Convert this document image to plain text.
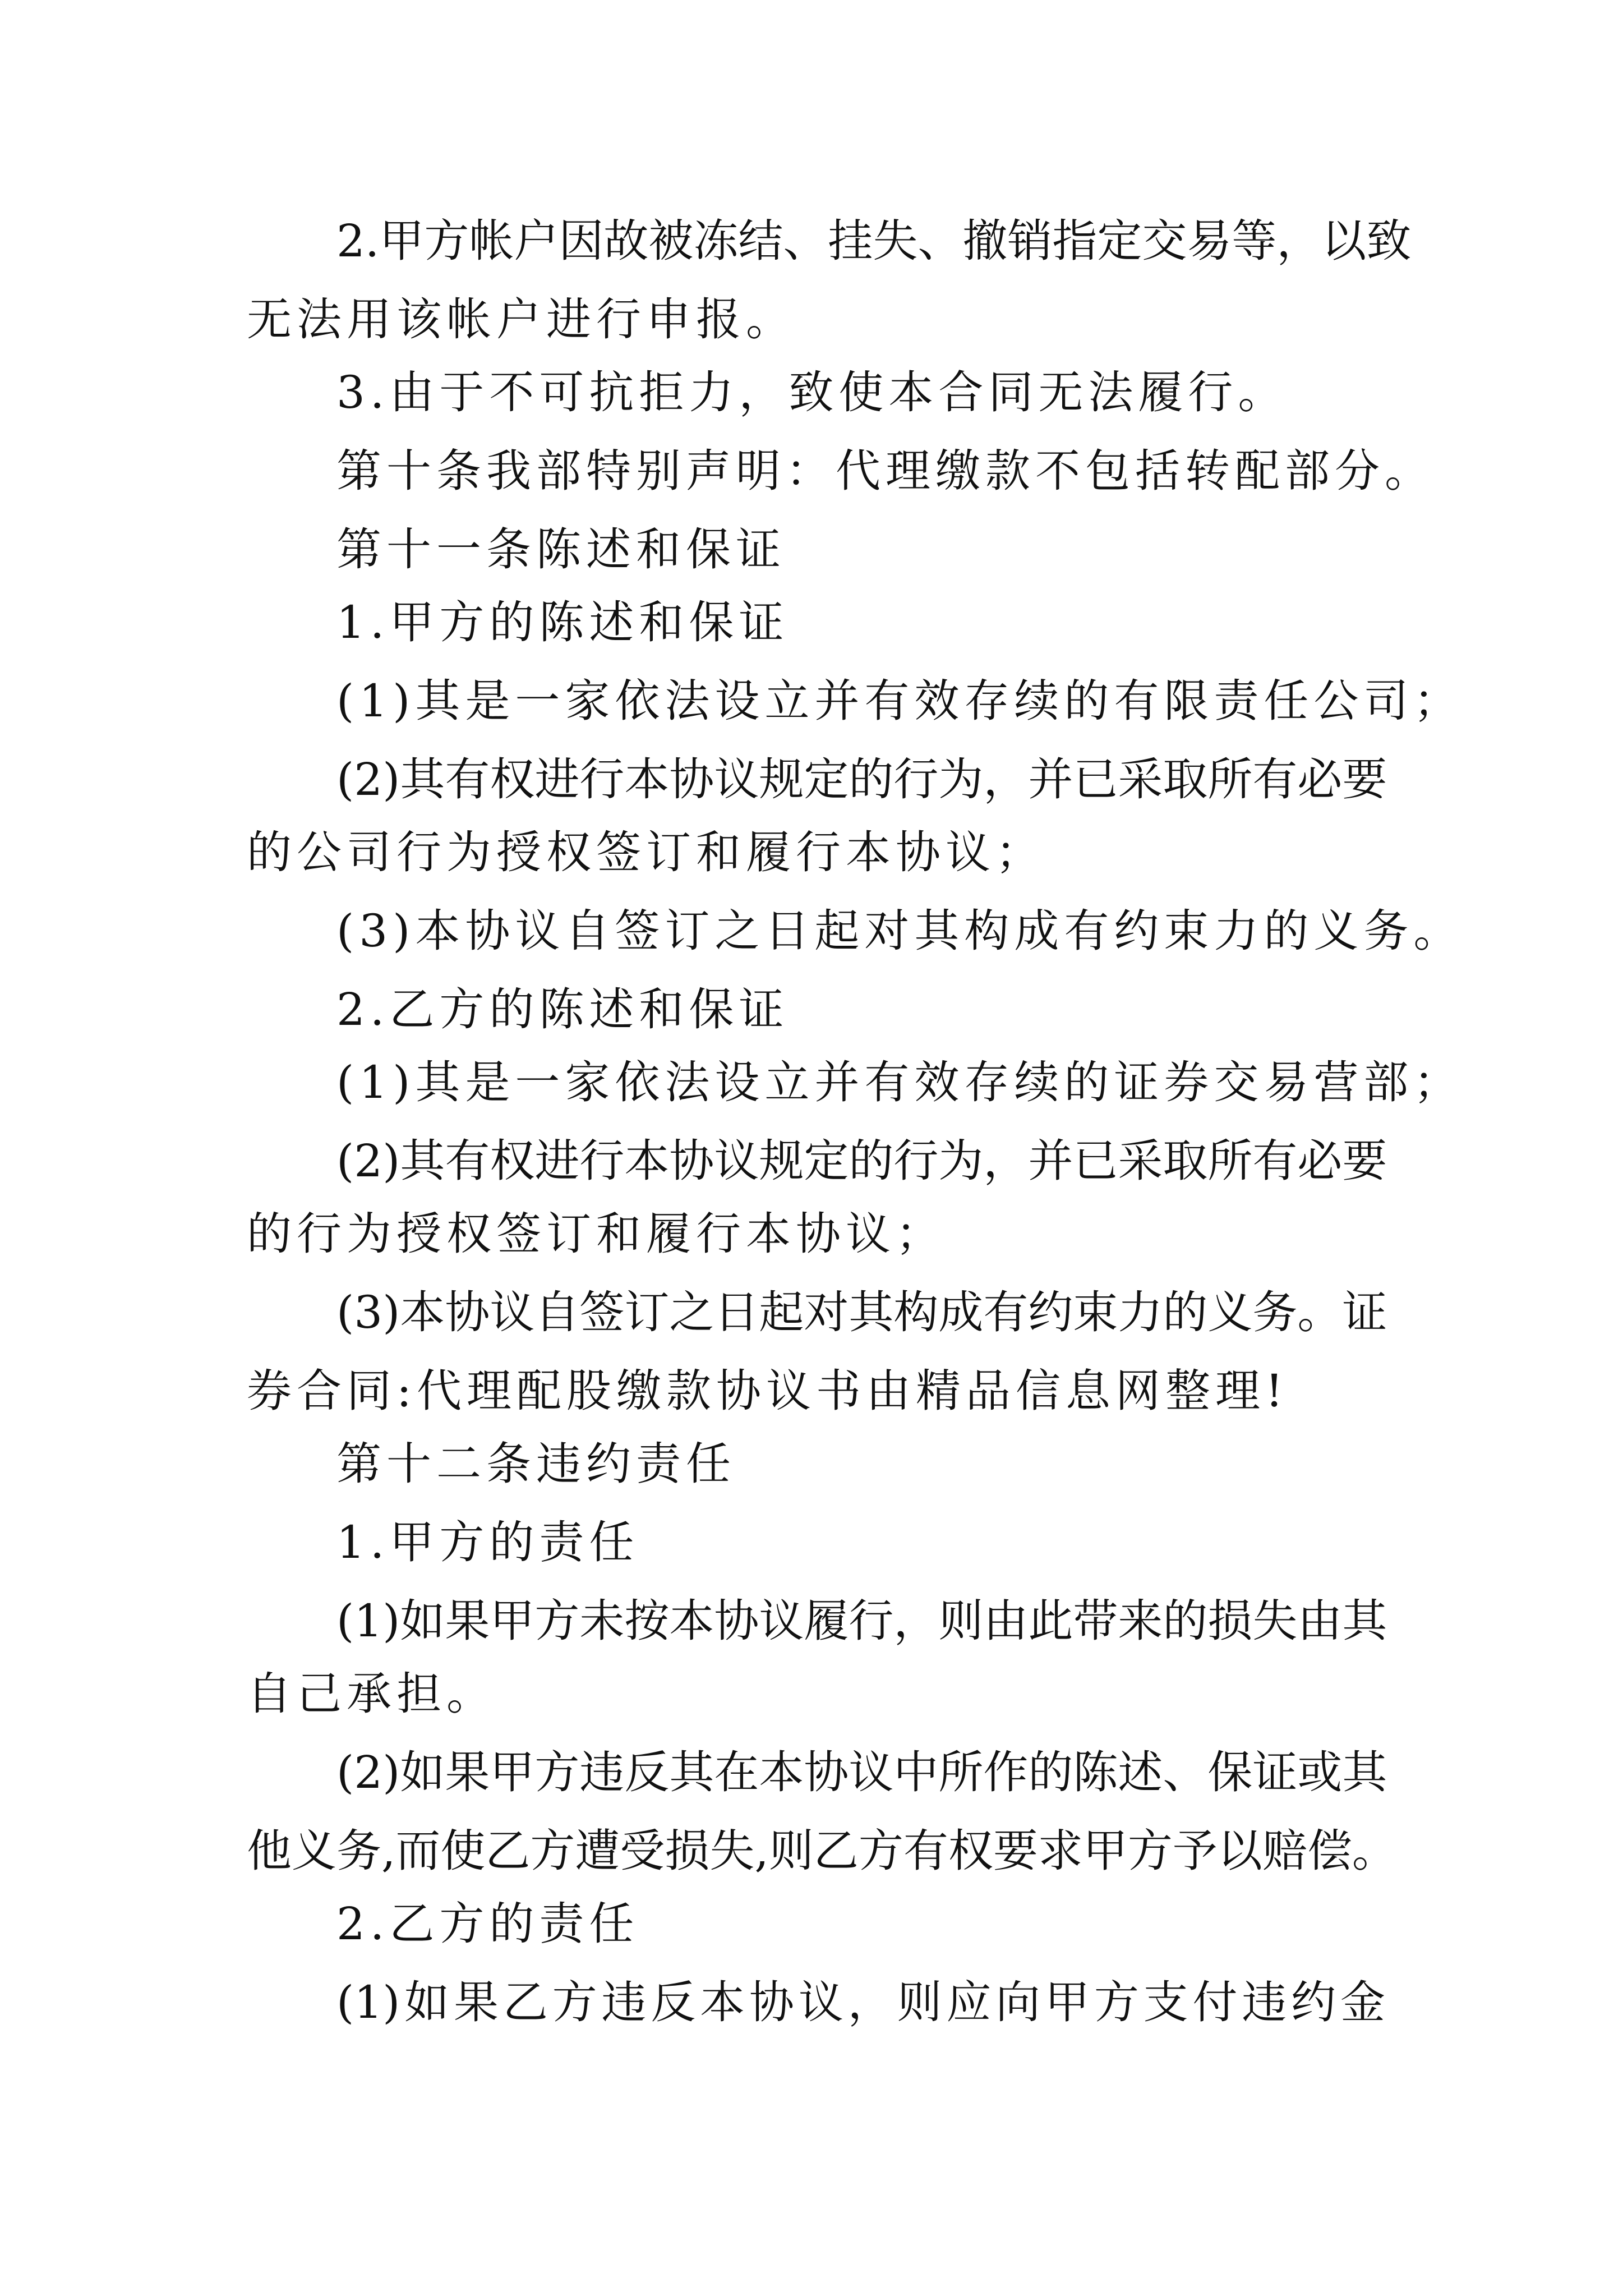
2.甲方帐户因故被冻结、挂失、撤销指定交易等，以致
无法用该帐户进行申报。
3.由于不可抗拒力，致使本合同无法履行。
第十条我部特别声明：代理缴款不包括转配部分。
第十一条陈述和保证
1.甲方的陈述和保证
(1)其是一家依法设立并有效存续的有限责任公司；
(2)其有权进行本协议规定的行为，并已采取所有必要
的公司行为授权签订和履行本协议；
(3)本协议自签订之日起对其构成有约束力的义务。
2.乙方的陈述和保证
(1)其是一家依法设立并有效存续的证券交易营部；
(2)其有权进行本协议规定的行为，并已采取所有必要
的行为授权签订和履行本协议；
(3)本协议自签订之日起对其构成有约束力的义务。证
券合同:代理配股缴款协议书由精品信息网整理!
第十二条违约责任
1.甲方的责任
(1)如果甲方未按本协议履行，则由此带来的损失由其
自己承担。
(2)如果甲方违反其在本协议中所作的陈述、保证或其
他义务,而使乙方遭受损失,则乙方有权要求甲方予以赔偿。
2.乙方的责任
(1)如果乙方违反本协议，则应向甲方支付违约金
